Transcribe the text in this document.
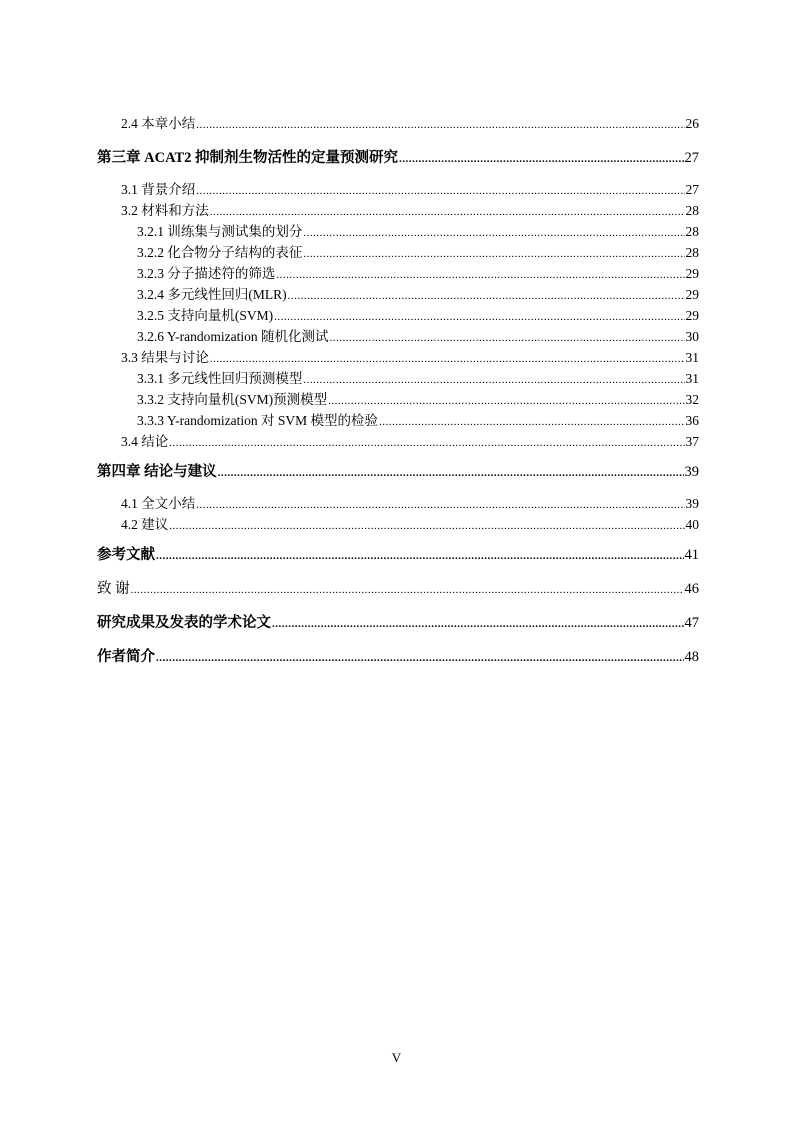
2.4 本章小结 .....	26
第三章 ACAT2 抑制剂生物活性的定量预测研究 .....	27
3.1 背景介绍 .....	27
3.2 材料和方法 .....	28
3.2.1 训练集与测试集的划分 .....	28
3.2.2 化合物分子结构的表征 .....	28
3.2.3 分子描述符的筛选 .....	29
3.2.4 多元线性回归(MLR) .....	29
3.2.5 支持向量机(SVM) .....	29
3.2.6 Y-randomization 随机化测试 .....	30
3.3 结果与讨论 .....	31
3.3.1 多元线性回归预测模型 .....	31
3.3.2 支持向量机(SVM)预测模型 .....	32
3.3.3 Y-randomization 对 SVM 模型的检验 .....	36
3.4 结论 .....	37
第四章 结论与建议 .....	39
4.1 全文小结 .....	39
4.2 建议 .....	40
参考文献 .....	41
致 谢 .....	46
研究成果及发表的学术论文 .....	47
作者简介 .....	48
V
